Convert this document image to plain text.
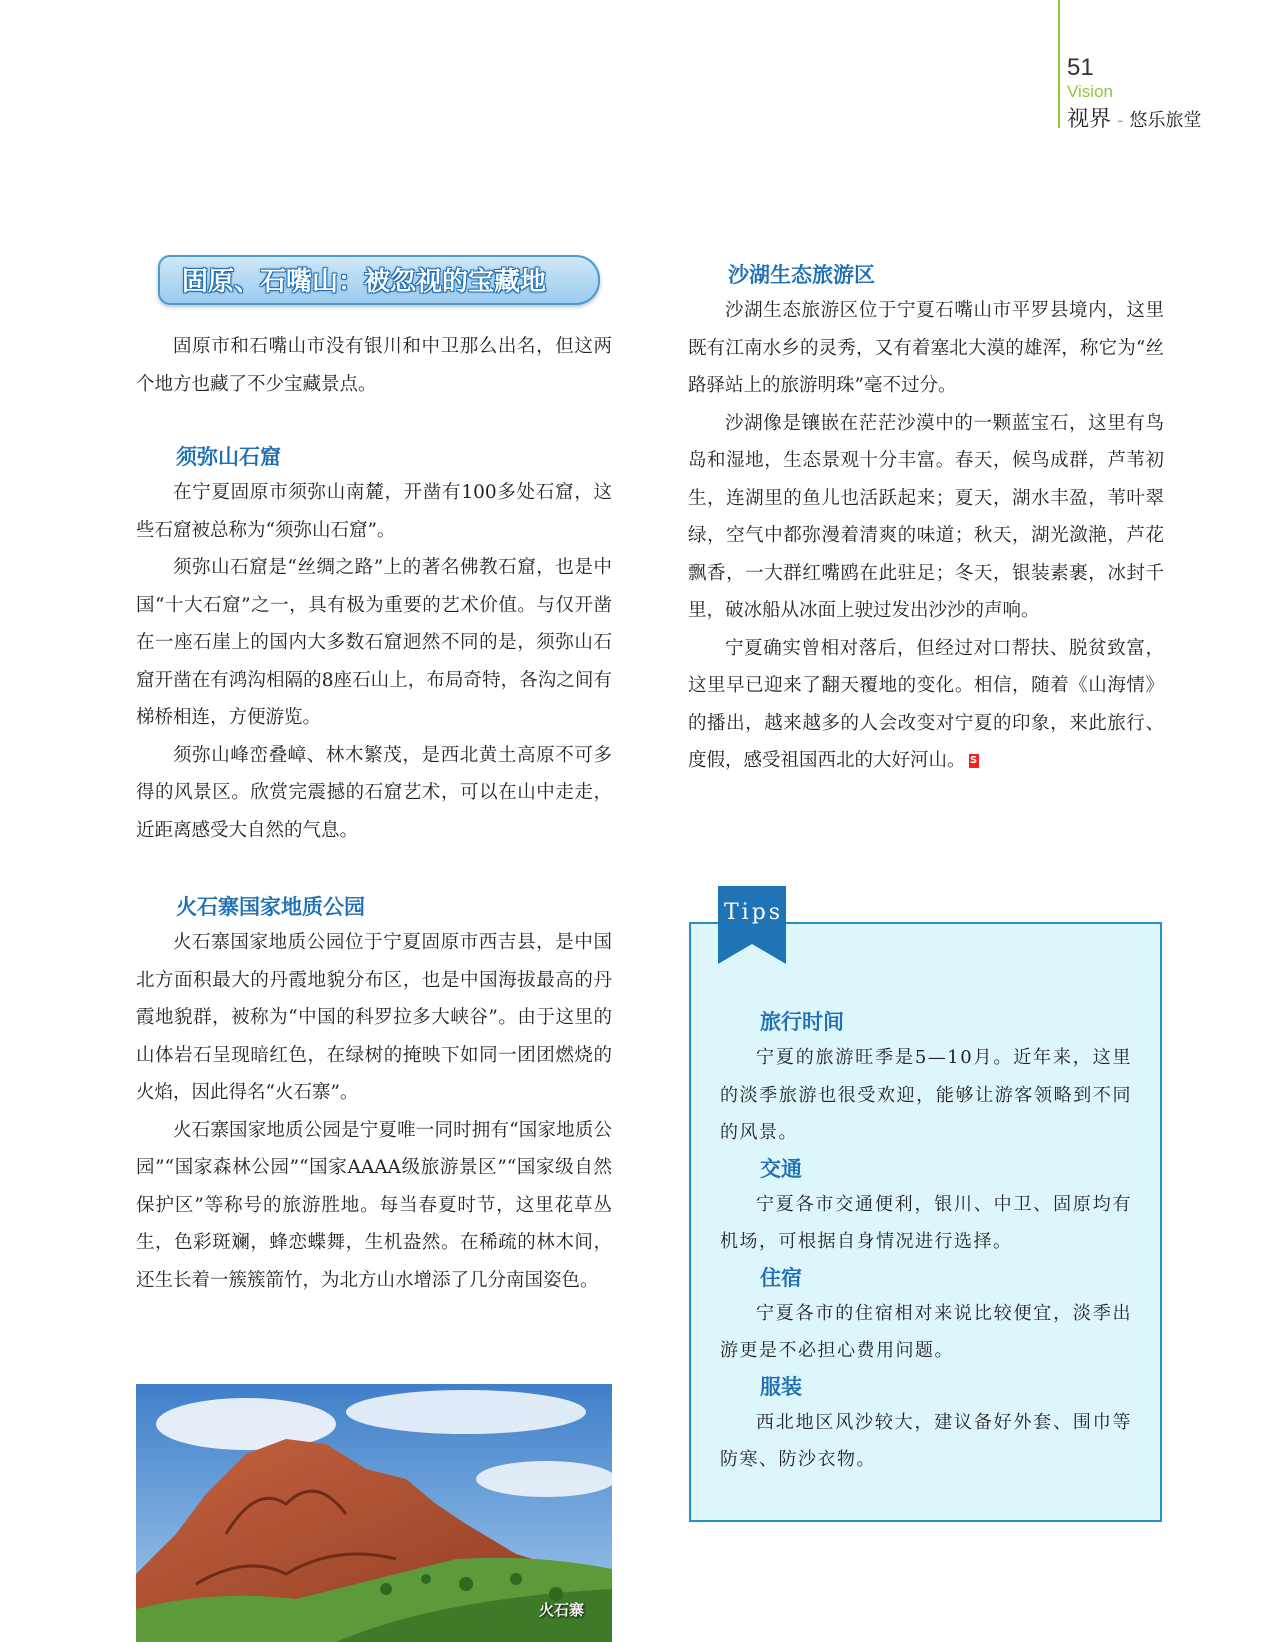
51
Vision
视界 - 悠乐旅堂
固原、石嘴山：被忽视的宝藏地

固原市和石嘴山市没有银川和中卫那么出名，但这两个地方也藏了不少宝藏景点。

须弥山石窟

在宁夏固原市须弥山南麓，开凿有100多处石窟，这些石窟被总称为“须弥山石窟”。

须弥山石窟是“丝绸之路”上的著名佛教石窟，也是中国“十大石窟”之一，具有极为重要的艺术价值。与仅开凿在一座石崖上的国内大多数石窟迥然不同的是，须弥山石窟开凿在有鸿沟相隔的8座石山上，布局奇特，各沟之间有梯桥相连，方便游览。

须弥山峰峦叠嶂、林木繁茂，是西北黄土高原不可多得的风景区。欣赏完震撼的石窟艺术，可以在山中走走，近距离感受大自然的气息。

火石寨国家地质公园

火石寨国家地质公园位于宁夏固原市西吉县，是中国北方面积最大的丹霞地貌分布区，也是中国海拔最高的丹霞地貌群，被称为“中国的科罗拉多大峡谷”。由于这里的山体岩石呈现暗红色，在绿树的掩映下如同一团团燃烧的火焰，因此得名“火石寨”。

火石寨国家地质公园是宁夏唯一同时拥有“国家地质公园”“国家森林公园”“国家AAAA级旅游景区”“国家级自然保护区”等称号的旅游胜地。每当春夏时节，这里花草丛生，色彩斑斓，蜂恋蝶舞，生机盎然。在稀疏的林木间，还生长着一簇簇箭竹，为北方山水增添了几分南国姿色。

火石寨
沙湖生态旅游区

沙湖生态旅游区位于宁夏石嘴山市平罗县境内，这里既有江南水乡的灵秀，又有着塞北大漠的雄浑，称它为“丝路驿站上的旅游明珠”毫不过分。

沙湖像是镶嵌在茫茫沙漠中的一颗蓝宝石，这里有鸟岛和湿地，生态景观十分丰富。春天，候鸟成群，芦苇初生，连湖里的鱼儿也活跃起来；夏天，湖水丰盈，苇叶翠绿，空气中都弥漫着清爽的味道；秋天，湖光潋滟，芦花飘香，一大群红嘴鸥在此驻足；冬天，银装素裹，冰封千里，破冰船从冰面上驶过发出沙沙的声响。

宁夏确实曾相对落后，但经过对口帮扶、脱贫致富，这里早已迎来了翻天覆地的变化。相信，随着《山海情》的播出，越来越多的人会改变对宁夏的印象，来此旅行、度假，感受祖国西北的大好河山。 S

Tips
旅行时间

宁夏的旅游旺季是5—10月。近年来，这里的淡季旅游也很受欢迎，能够让游客领略到不同的风景。

交通

宁夏各市交通便利，银川、中卫、固原均有机场，可根据自身情况进行选择。

住宿

宁夏各市的住宿相对来说比较便宜，淡季出游更是不必担心费用问题。

服装

西北地区风沙较大，建议备好外套、围巾等防寒、防沙衣物。
